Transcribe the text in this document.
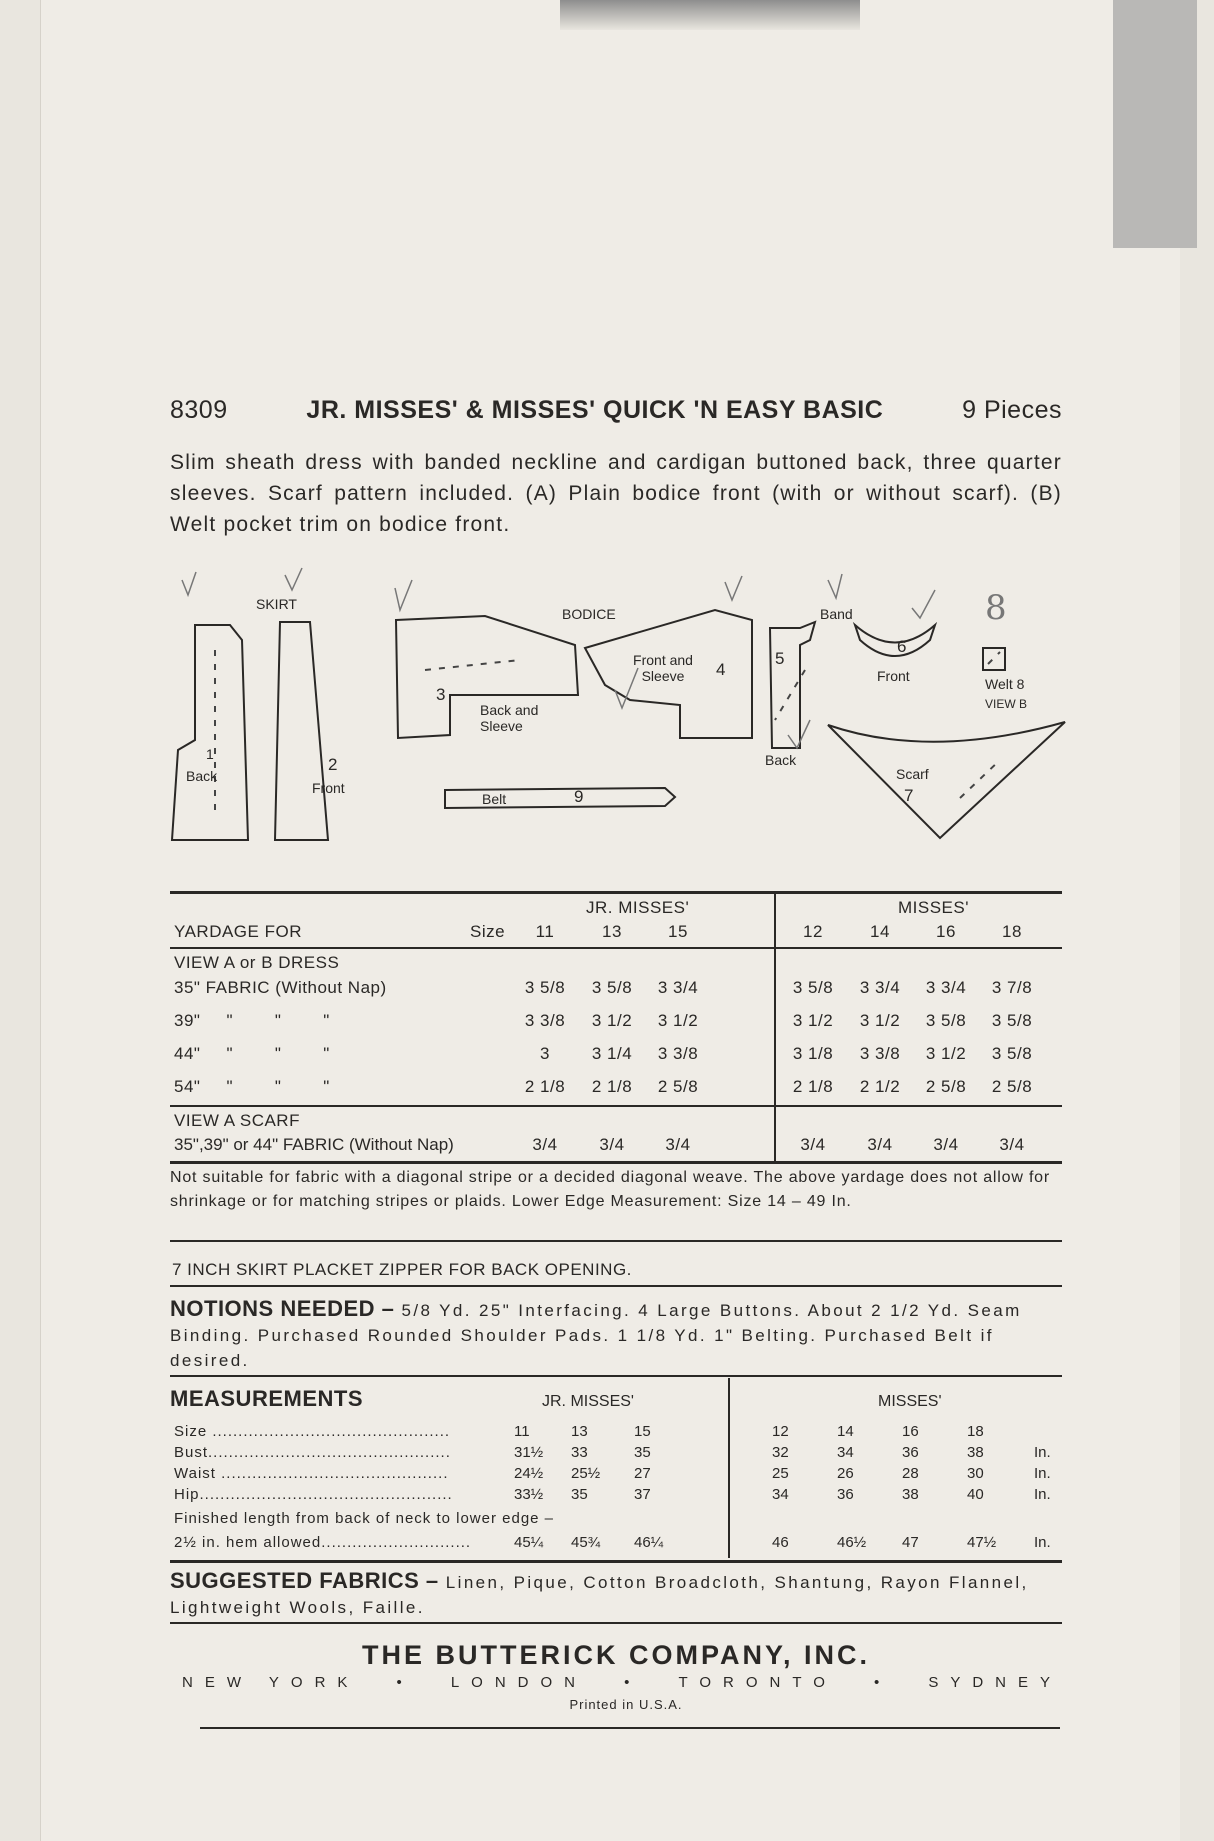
8309	JR. MISSES' & MISSES' QUICK 'N EASY BASIC	9 Pieces
Slim sheath dress with banded neckline and cardigan buttoned back, three quarter sleeves. Scarf pattern included. (A) Plain bodice front (with or without scarf). (B) Welt pocket trim on bodice front.
SKIRT
1
Back
2
Front
BODICE
3
Back and Sleeve
Front and Sleeve	4
5
Back
Band
6
Front	Welt 8
VIEW B
8
Belt	9
Scarf
7
JR. MISSES'	MISSES'
YARDAGE FOR	Size	11	13	15	12	14	16	18
VIEW A or B DRESS
35" FABRIC (Without Nap)	3 5/8	3 5/8	3 3/4	3 5/8	3 3/4	3 3/4	3 7/8
39"     "        "        "	3 3/8	3 1/2	3 1/2	3 1/2	3 1/2	3 5/8	3 5/8
44"     "        "        "	3	3 1/4	3 3/8	3 1/8	3 3/8	3 1/2	3 5/8
54"     "        "        "	2 1/8	2 1/8	2 5/8	2 1/8	2 1/2	2 5/8	2 5/8
35",39" or 44" FABRIC (Without Nap)	3/4	3/4	3/4	3/4	3/4	3/4	3/4
VIEW A SCARF
Not suitable for fabric with a diagonal stripe or a decided diagonal weave. The above yardage does not allow for shrinkage or for matching stripes or plaids. Lower Edge Measurement: Size 14 – 49 In.
7 INCH SKIRT PLACKET ZIPPER FOR BACK OPENING.
NOTIONS NEEDED – 5/8 Yd. 25" Interfacing. 4 Large Buttons. About 2 1/2 Yd. Seam Binding. Purchased Rounded Shoulder Pads. 1 1/8 Yd. 1" Belting. Purchased Belt if desired.
MEASUREMENTS	JR. MISSES'	MISSES'
Size ..............................................	11	13	15	12	14	16	18
Bust...............................................	31½ 33	35	32	34	36	38	In.
Waist ............................................	24½ 25½ 27	25	26	28	30	In.
Hip.................................................	33½ 35	37	34	36	38	40	In.
2½ in. hem allowed.............................	45¼ 45¾ 46¼	46	46½ 47	47½	In.
Finished length from back of neck to lower edge –
SUGGESTED FABRICS – Linen, Pique, Cotton Broadcloth, Shantung, Rayon Flannel, Lightweight Wools, Faille.
THE BUTTERICK COMPANY, INC.
NEW YORK • LONDON • TORONTO • SYDNEY
Printed in U.S.A.
